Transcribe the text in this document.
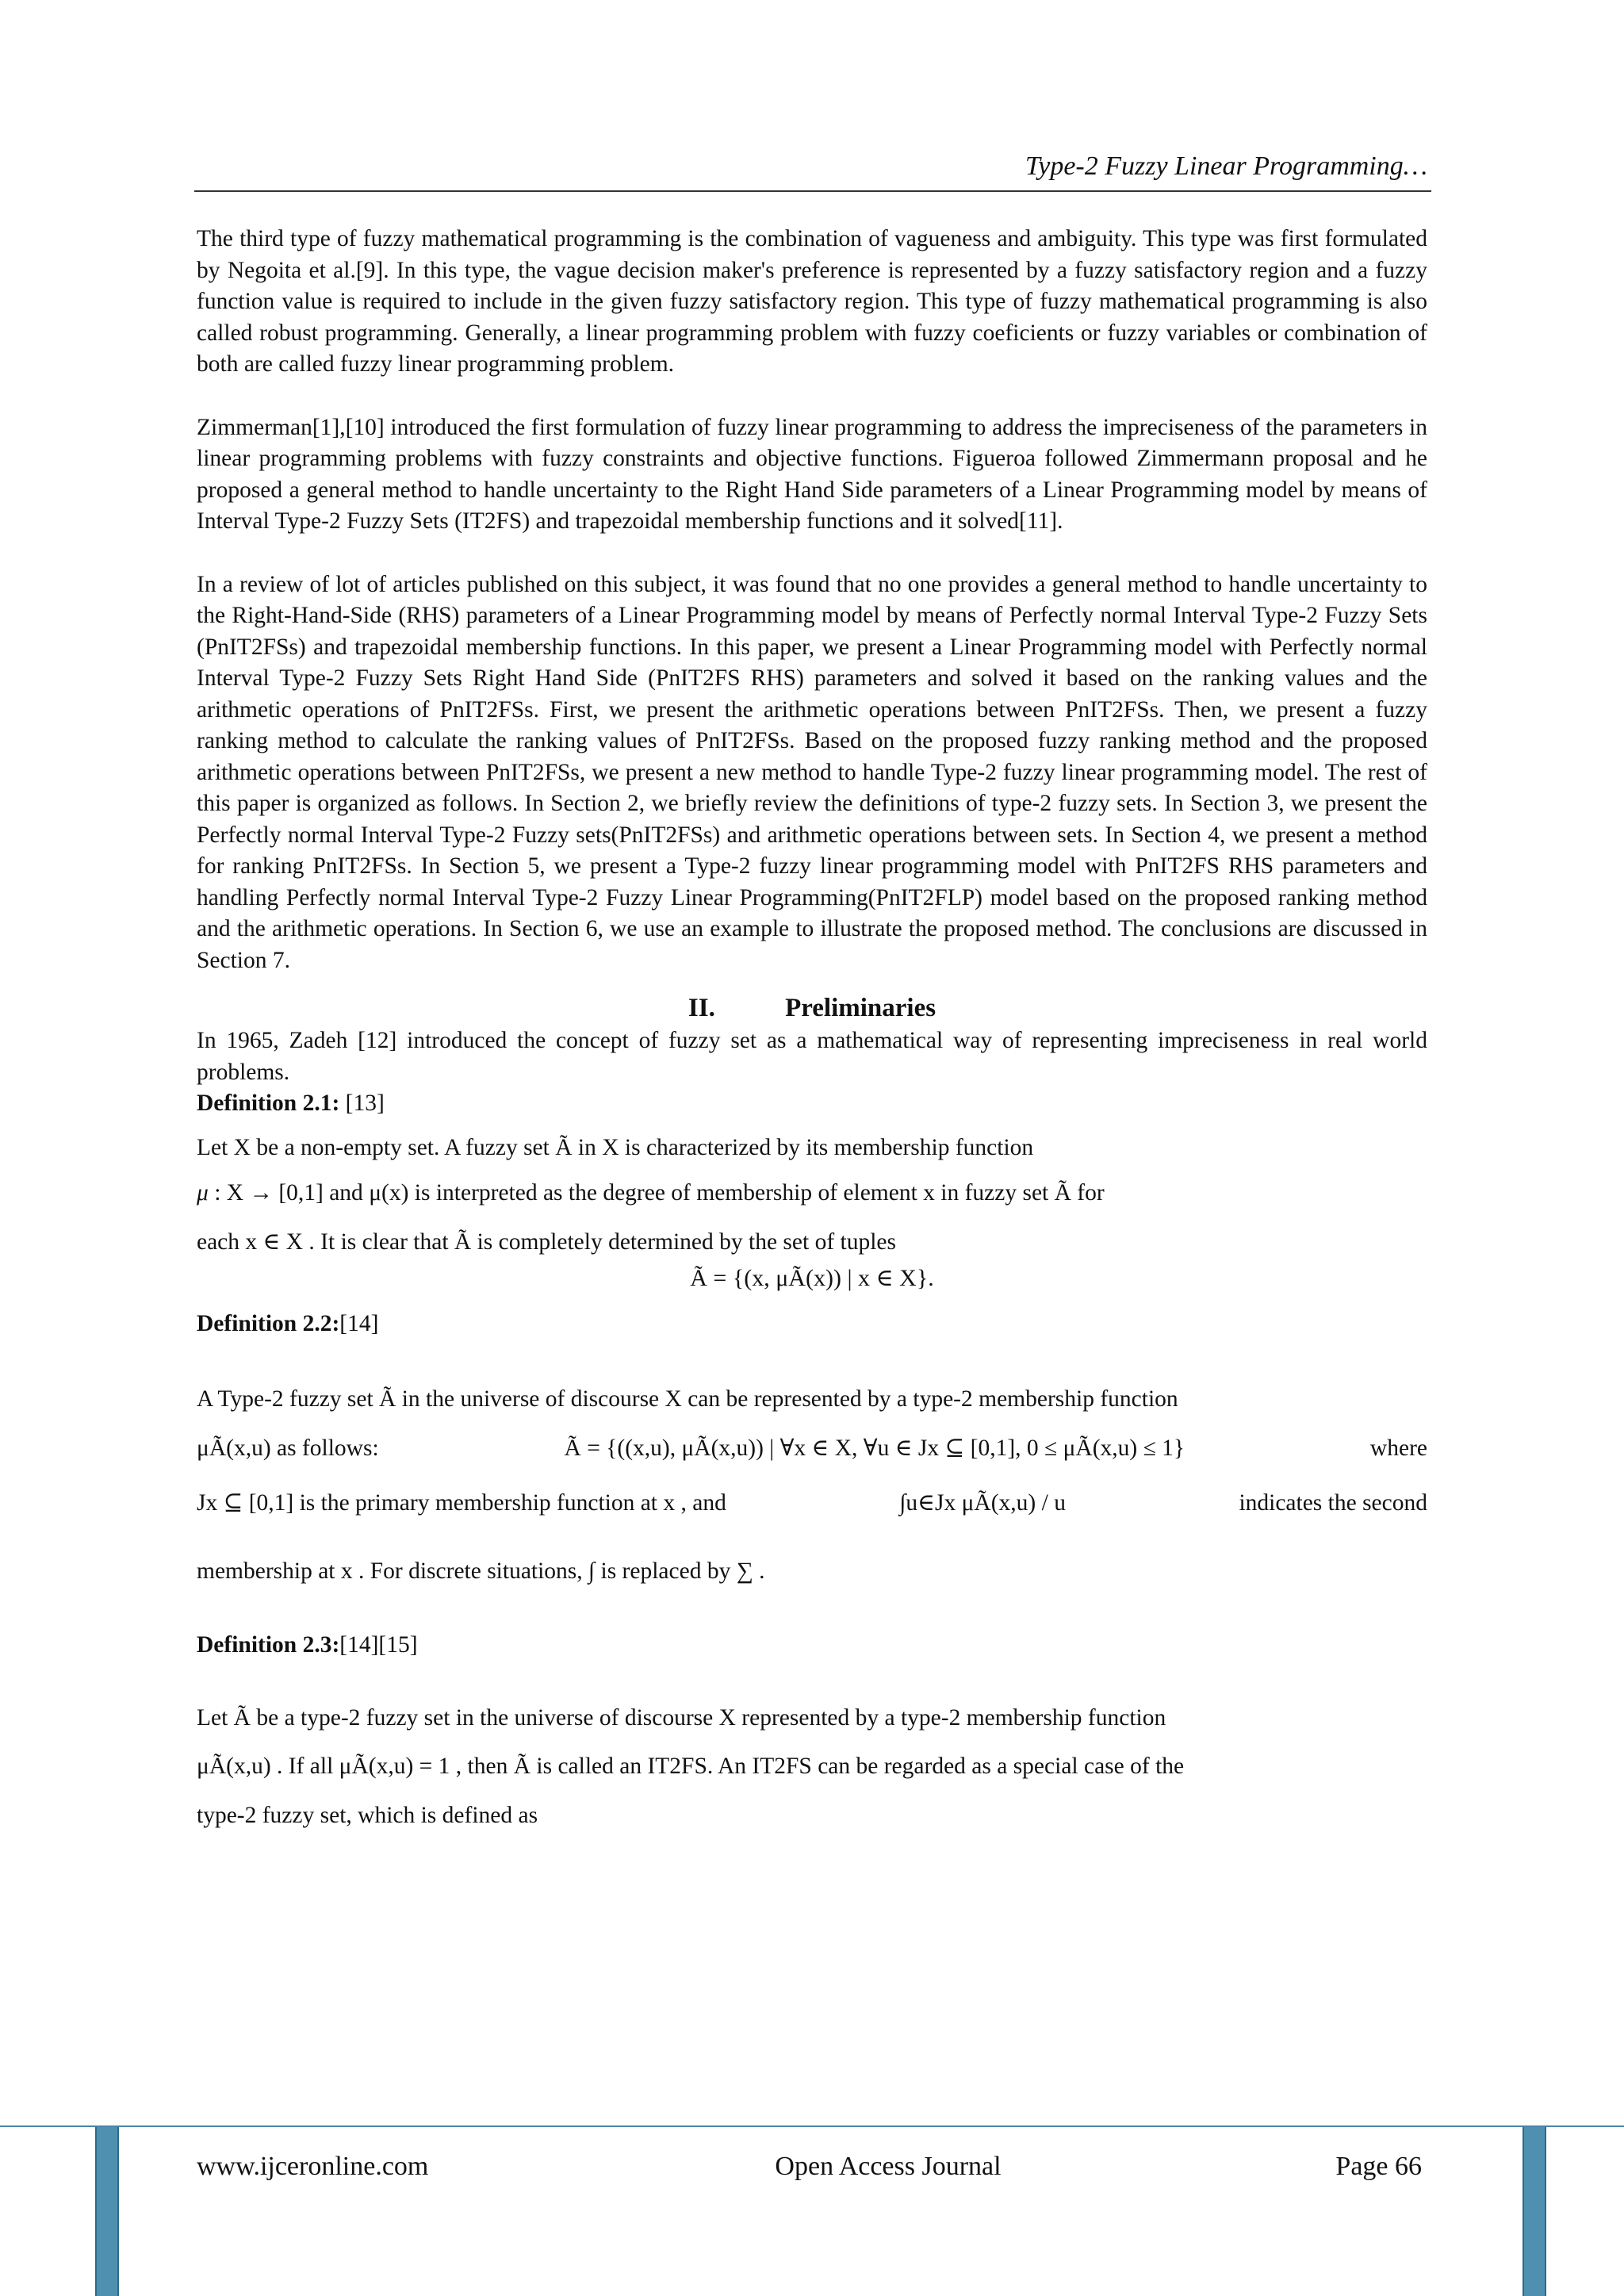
Type-2 Fuzzy Linear Programming…

The third type of fuzzy mathematical programming is the combination of vagueness and ambiguity. This type was first formulated by Negoita et al.[9]. In this type, the vague decision maker's preference is represented by a fuzzy satisfactory region and a fuzzy function value is required to include in the given fuzzy satisfactory region. This type of fuzzy mathematical programming is also called robust programming. Generally, a linear programming problem with fuzzy coeficients or fuzzy variables or combination of both are called fuzzy linear programming problem.

Zimmerman[1],[10] introduced the first formulation of fuzzy linear programming to address the impreciseness of the parameters in linear programming problems with fuzzy constraints and objective functions. Figueroa followed Zimmermann proposal and he proposed a general method to handle uncertainty to the Right Hand Side parameters of a Linear Programming model by means of Interval Type-2 Fuzzy Sets (IT2FS) and trapezoidal membership functions and it solved[11].

In a review of lot of articles published on this subject, it was found that no one provides a general method to handle uncertainty to the Right-Hand-Side (RHS) parameters of a Linear Programming model by means of Perfectly normal Interval Type-2 Fuzzy Sets (PnIT2FSs) and trapezoidal membership functions. In this paper, we present a Linear Programming model with Perfectly normal Interval Type-2 Fuzzy Sets Right Hand Side (PnIT2FS RHS) parameters and solved it based on the ranking values and the arithmetic operations of PnIT2FSs. First, we present the arithmetic operations between PnIT2FSs. Then, we present a fuzzy ranking method to calculate the ranking values of PnIT2FSs. Based on the proposed fuzzy ranking method and the proposed arithmetic operations between PnIT2FSs, we present a new method to handle Type-2 fuzzy linear programming model. The rest of this paper is organized as follows. In Section 2, we briefly review the definitions of type-2 fuzzy sets. In Section 3, we present the Perfectly normal Interval Type-2 Fuzzy sets(PnIT2FSs) and arithmetic operations between sets. In Section 4, we present a method for ranking PnIT2FSs. In Section 5, we present a Type-2 fuzzy linear programming model with PnIT2FS RHS parameters and handling Perfectly normal Interval Type-2 Fuzzy Linear Programming(PnIT2FLP) model based on the proposed ranking method and the arithmetic operations. In Section 6, we use an example to illustrate the proposed method. The conclusions are discussed in Section 7.

II.	Preliminaries

In 1965, Zadeh [12] introduced the concept of fuzzy set as a mathematical way of representing impreciseness in real world problems.

Definition 2.1: [13]

Let X be a non-empty set. A fuzzy set Ã in X is characterized by its membership function

μ : X → [0,1] and μ(x) is interpreted as the degree of membership of element x in fuzzy set Ã for

each x ∈ X . It is clear that Ã is completely determined by the set of tuples

Ã = {(x, μÃ(x)) | x ∈ X}.

Definition 2.2:[14]

A Type-2 fuzzy set Ã in the universe of discourse X can be represented by a type-2 membership function

μÃ(x,u) as follows:	Ã = {((x,u), μÃ(x,u)) | ∀x ∈ X, ∀u ∈ Jx ⊆ [0,1], 0 ≤ μÃ(x,u) ≤ 1}	where
Jx ⊆ [0,1] is the primary membership function at x , and	∫u∈Jx μÃ(x,u) / u	indicates the second

membership at x . For discrete situations, ∫ is replaced by ∑ .

Definition 2.3:[14][15]

Let Ã be a type-2 fuzzy set in the universe of discourse X represented by a type-2 membership function

μÃ(x,u) . If all μÃ(x,u) = 1 , then Ã is called an IT2FS. An IT2FS can be regarded as a special case of the

type-2 fuzzy set, which is defined as

www.ijceronline.com	Open Access Journal	Page 66
